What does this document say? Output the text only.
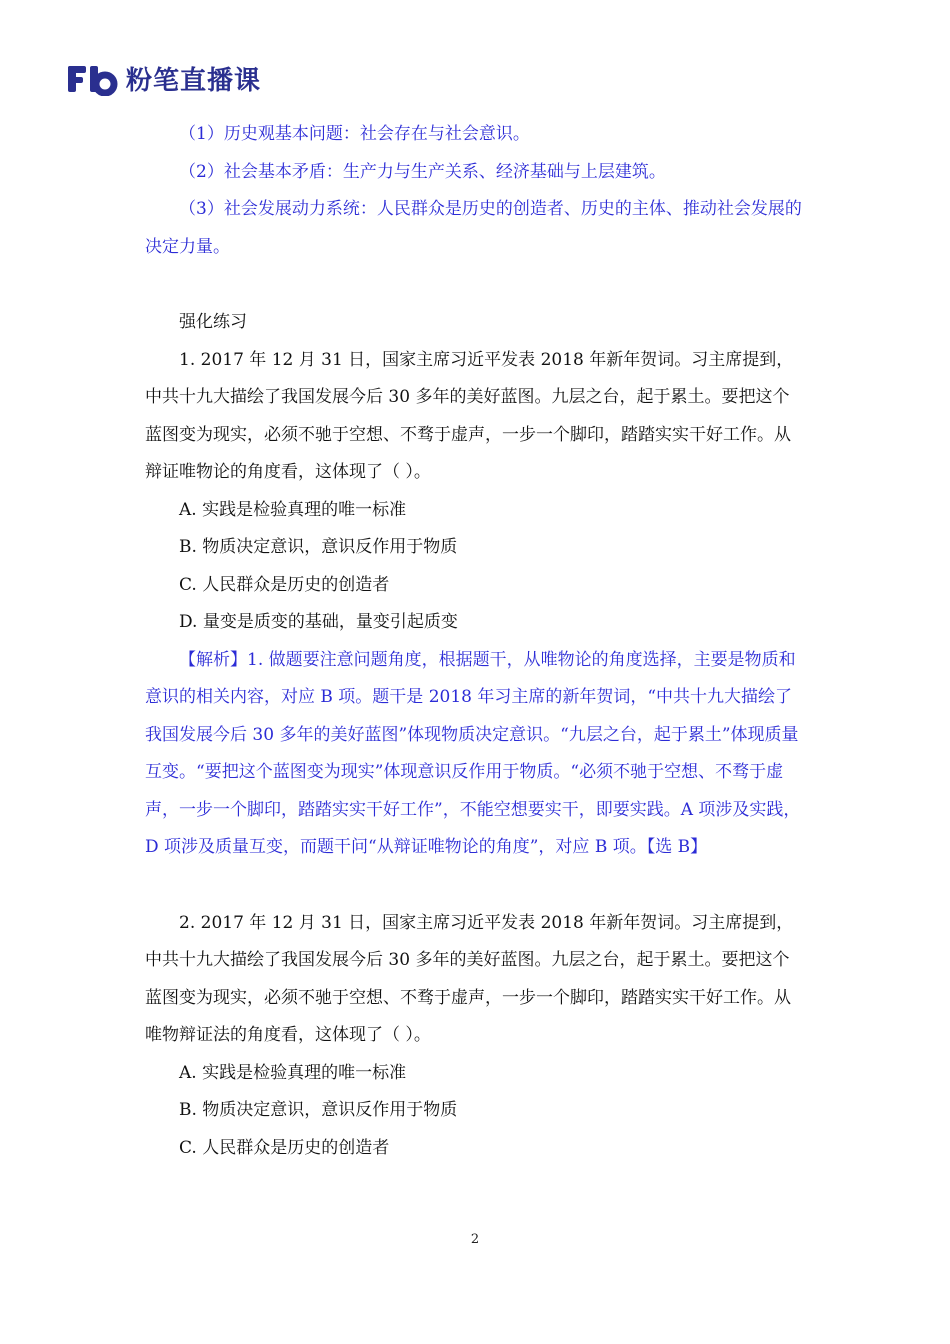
粉笔直播课

（1）历史观基本问题：社会存在与社会意识。

（2）社会基本矛盾：生产力与生产关系、经济基础与上层建筑。

（3）社会发展动力系统：人民群众是历史的创造者、历史的主体、推动社会发展的决定力量。

强化练习

1. 2017 年 12 月 31 日，国家主席习近平发表 2018 年新年贺词。习主席提到，中共十九大描绘了我国发展今后 30 多年的美好蓝图。九层之台，起于累土。要把这个蓝图变为现实，必须不驰于空想、不骛于虚声，一步一个脚印，踏踏实实干好工作。从辩证唯物论的角度看，这体现了（ ）。

A. 实践是检验真理的唯一标准

B. 物质决定意识，意识反作用于物质

C. 人民群众是历史的创造者

D. 量变是质变的基础，量变引起质变

【解析】1. 做题要注意问题角度，根据题干，从唯物论的角度选择，主要是物质和意识的相关内容，对应 B 项。题干是 2018 年习主席的新年贺词，“中共十九大描绘了我国发展今后 30 多年的美好蓝图”体现物质决定意识。“九层之台，起于累土”体现质量互变。“要把这个蓝图变为现实”体现意识反作用于物质。“必须不驰于空想、不骛于虚声，一步一个脚印，踏踏实实干好工作”，不能空想要实干，即要实践。A 项涉及实践，D 项涉及质量互变，而题干问“从辩证唯物论的角度”，对应 B 项。【选 B】

2. 2017 年 12 月 31 日，国家主席习近平发表 2018 年新年贺词。习主席提到，中共十九大描绘了我国发展今后 30 多年的美好蓝图。九层之台，起于累土。要把这个蓝图变为现实，必须不驰于空想、不骛于虚声，一步一个脚印，踏踏实实干好工作。从唯物辩证法的角度看，这体现了（ ）。

A. 实践是检验真理的唯一标准

B. 物质决定意识，意识反作用于物质

C. 人民群众是历史的创造者

2
